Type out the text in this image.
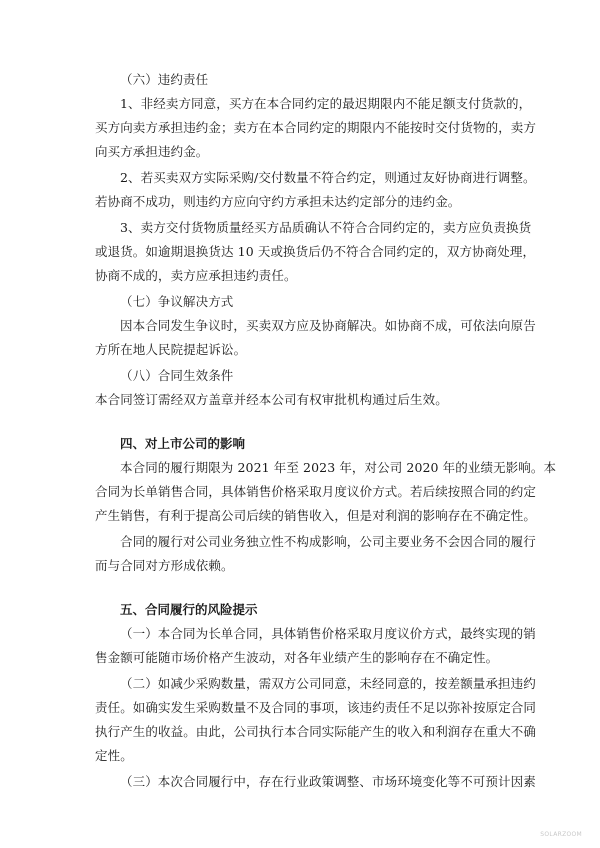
（六）违约责任
1、非经卖方同意，买方在本合同约定的最迟期限内不能足额支付货款的，
买方向卖方承担违约金；卖方在本合同约定的期限内不能按时交付货物的，卖方
向买方承担违约金。
2、若买卖双方实际采购/交付数量不符合约定，则通过友好协商进行调整。
若协商不成功，则违约方应向守约方承担未达约定部分的违约金。
3、卖方交付货物质量经买方品质确认不符合合同约定的，卖方应负责换货
或退货。如逾期退换货达 10 天或换货后仍不符合合同约定的，双方协商处理，
协商不成的，卖方应承担违约责任。
（七）争议解决方式
因本合同发生争议时，买卖双方应及协商解决。如协商不成，可依法向原告
方所在地人民院提起诉讼。
（八）合同生效条件
本合同签订需经双方盖章并经本公司有权审批机构通过后生效。
四、对上市公司的影响
本合同的履行期限为 2021 年至 2023 年，对公司 2020 年的业绩无影响。本
合同为长单销售合同，具体销售价格采取月度议价方式。若后续按照合同的约定
产生销售，有利于提高公司后续的销售收入，但是对利润的影响存在不确定性。
合同的履行对公司业务独立性不构成影响，公司主要业务不会因合同的履行
而与合同对方形成依赖。
五、合同履行的风险提示
（一）本合同为长单合同，具体销售价格采取月度议价方式，最终实现的销
售金额可能随市场价格产生波动，对各年业绩产生的影响存在不确定性。
（二）如减少采购数量，需双方公司同意，未经同意的，按差额量承担违约
责任。如确实发生采购数量不及合同的事项，该违约责任不足以弥补按原定合同
执行产生的收益。由此，公司执行本合同实际能产生的收入和利润存在重大不确
定性。
（三）本次合同履行中，存在行业政策调整、市场环境变化等不可预计因素
SOLARZOOM
